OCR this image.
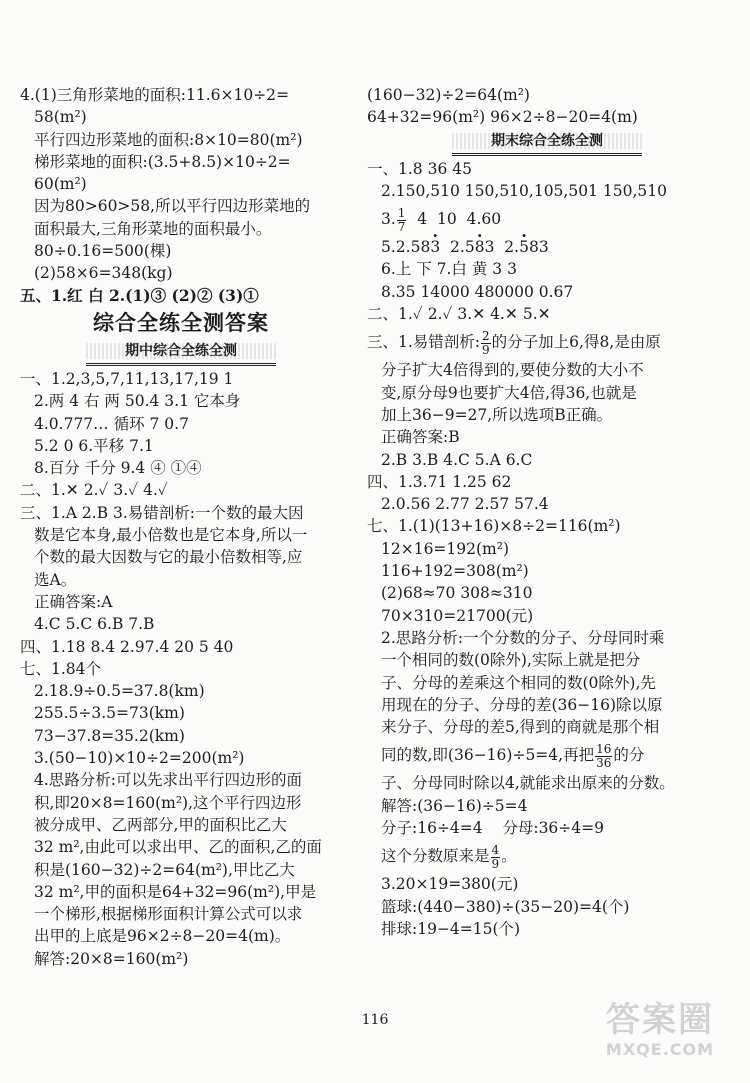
4.(1)三角形菜地的面积:11.6×10÷2=
58(m²)
平行四边形菜地的面积:8×10=80(m²)
梯形菜地的面积:(3.5+8.5)×10÷2=
60(m²)
因为80>60>58,所以平行四边形菜地的
面积最大,三角形菜地的面积最小。
80÷0.16=500(棵)
(2)58×6=348(kg)
五、1.红 白 2.(1)③ (2)② (3)①
综合全练全测答案
期中综合全练全测
一、1.2,3,5,7,11,13,17,19 1
2.两 4 右 两 50.4 3.1 它本身
4.0.777… 循环 7 0.7
5.2 0 6.平移 7.1
8.百分 千分 9.4 ④ ①④
二、1.✕ 2.✓ 3.✓ 4.✓
三、1.A 2.B 3.易错剖析:一个数的最大因
数是它本身,最小倍数也是它本身,所以一
个数的最大因数与它的最小倍数相等,应
选A。
正确答案:A
4.C 5.C 6.B 7.B
四、1.18 8.4 2.97.4 20 5 40
七、1.84个
2.18.9÷0.5=37.8(km)
255.5÷3.5=73(km)
73−37.8=35.2(km)
3.(50−10)×10÷2=200(m²)
4.思路分析:可以先求出平行四边形的面
积,即20×8=160(m²),这个平行四边形
被分成甲、乙两部分,甲的面积比乙大
32 m²,由此可以求出甲、乙的面积,乙的面
积是(160−32)÷2=64(m²),甲比乙大
32 m²,甲的面积是64+32=96(m²),甲是
一个梯形,根据梯形面积计算公式可以求
出甲的上底是96×2÷8−20=4(m)。
解答:20×8=160(m²)
(160−32)÷2=64(m²)
64+32=96(m²) 96×2÷8−20=4(m)
期末综合全练全测
一、1.8 36 45
2.150,510 150,510,105,501 150,510
3. $\frac{1}{7} 4$  10  4.60
5.2.583 ·  2.58 ·3  2.5 ·83
6.上 下 7.白 黄 3 3
8.35 14000 480000 0.67
二、1.✓ 2.✓ 3.✕ 4.✕ 5.✕
三、1.易错剖析: $\frac{2}{9}$ 的分子加上6,得8,是由原
分子扩大4倍得到的,要使分数的大小不
变,原分母9也要扩大4倍,得36,也就是
加上36−9=27,所以选项B正确。
正确答案:B
2.B 3.B 4.C 5.A 6.C
四、1.3.71 1.25 62
2.0.56 2.77 2.57 57.4
七、1.(1)(13+16)×8÷2=116(m²)
12×16=192(m²)
116+192=308(m²)
(2)68≈70 308≈310
70×310=21700(元)
2.思路分析:一个分数的分子、分母同时乘
一个相同的数(0除外),实际上就是把分
子、分母的差乘这个相同的数(0除外),先
用现在的分子、分母的差(36−16)除以原
来分子、分母的差5,得到的商就是那个相
同的数,即(36−16)÷5=4,再把 $\frac{16}{36}$ 的分
子、分母同时除以4,就能求出原来的分数。
解答:(36−16)÷5=4
分子:16÷4=4    分母:36÷4=9
这个分数原来是 $\frac{4}{9}$ 。
3.20×19=380(元)
篮球:(440−380)÷(35−20)=4(个)
排球:19−4=15(个)
116	答案圈
MXQE.COM
